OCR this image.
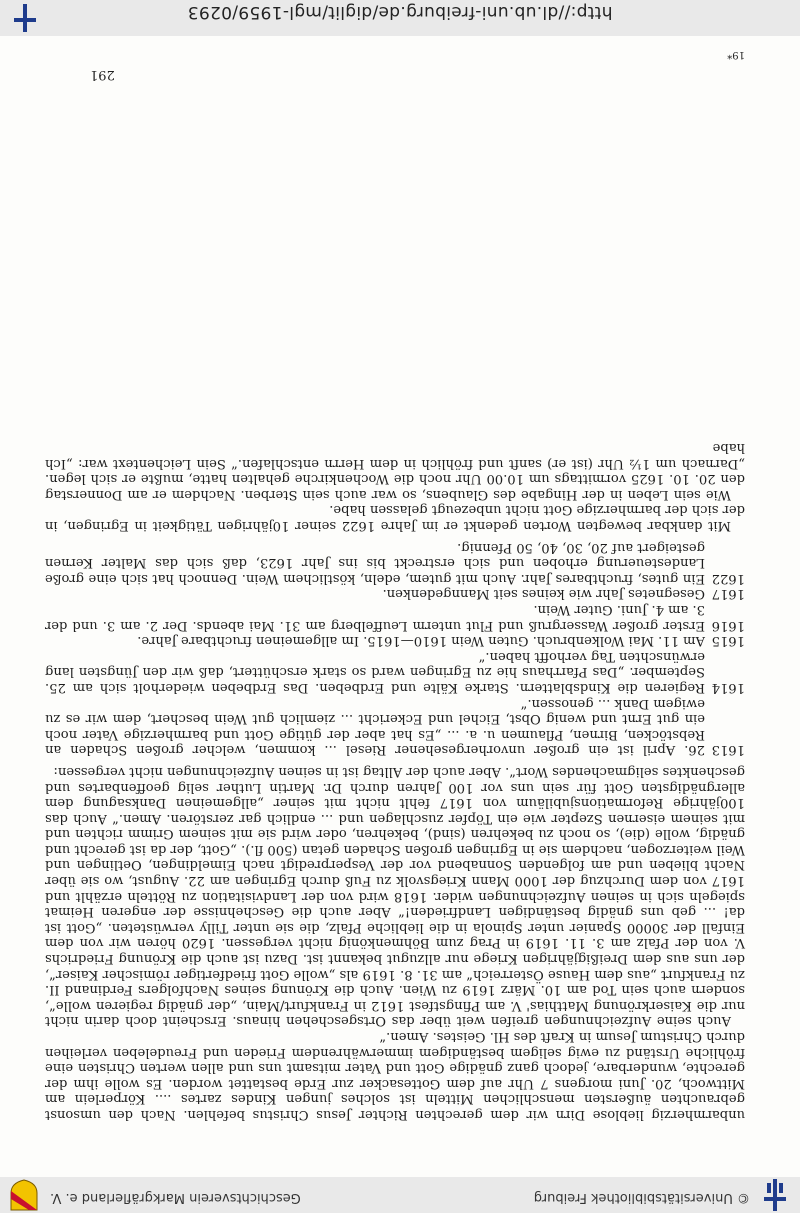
© Universitätsbibliothek Freiburg
Geschichtsverein Markgräflerland e. V.
291

unbarmherzig lieblose Dirn wir dem gerechten Richter Jesus Christus befehlen. Nach den umsonst gebrauchten äußersten menschlichen Mitteln ist solches jungen Kindes zartes .... Körperlein am Mittwoch, 20. Juni morgens 7 Uhr auf dem Gottesacker zur Erde bestattet worden. Es wolle ihm der gerechte, wunderbare, jedoch ganz gnädige Gott und Vater mitsamt uns und allen werten Christen eine fröhliche Urständ zu ewig seligem beständigem immerwährendem Frieden und Freudeleben verleihen durch Christum Jesum in Kraft des Hl. Geistes. Amen.“

Auch seine Aufzeichnungen greifen weit über das Ortsgeschehen hinaus. Erscheint doch darin nicht nur die Kaiserkrönung Matthias' V. am Pfingstfest 1612 in Frankfurt/Main, „der gnädig regieren wolle“, sondern auch sein Tod am 10. März 1619 zu Wien. Auch die Krönung seines Nachfolgers Ferdinand II. zu Frankfurt „aus dem Hause Österreich“ am 31. 8. 1619 als „wolle Gott friedfertiger römischer Kaiser“, der uns aus dem Dreißigjährigen Kriege nur allzugut bekannt ist. Dazu ist auch die Krönung Friedrichs V. von der Pfalz am 3. 11. 1619 in Prag zum Böhmenkönig nicht vergessen. 1620 hören wir von dem Einfall der 30000 Spanier unter Spinola in die liebliche Pfalz, die sie unter Tilly verwüsteten. „Gott ist da! ... geb uns gnädig beständigen Landfrieden!“ Aber auch die Geschehnisse der engeren Heimat spiegeln sich in seinen Aufzeichnungen wider. 1618 wird von der Landvisitation zu Rötteln erzählt und 1617 von dem Durchzug der 1000 Mann Kriegsvolk zu Fuß durch Egringen am 22. August, wo sie über Nacht blieben und am folgenden Sonnabend vor der Vesperpredigt nach Eimeldingen, Oetlingen und Weil weiterzogen, nachdem sie in Egringen großen Schaden getan (500 fl.). „Gott, der da ist gerecht und gnädig, wolle (die), so noch zu bekehren (sind), bekehren, oder wird sie mit seinem Grimm richten und mit seinem eisernen Szepter wie ein Töpfer zuschlagen und ... endlich gar zerstören. Amen.“ Auch das 100jährige Reformationsjubiläum von 1617 fehlt nicht mit seiner „allgemeinen Danksagung dem allergnädigsten Gott für sein uns vor 100 Jahren durch Dr. Martin Luther selig geoffenbartes und geschenktes seligmachendes Wort“. Aber auch der Alltag ist in seinen Aufzeichnungen nicht vergessen:

1613
26. April ist ein großer unvorhergesehener Riesel ... kommen, welcher großen Schaden an Rebstöcken, Birnen, Pflaumen u. a. ... „Es hat aber der gütige Gott und barmherzige Vater noch ein gut Ernt und wenig Obst, Eichel und Eckericht ... ziemlich gut Wein beschert, dem wir es zu ewigem Dank ... genossen.“
1614
Regieren die Kindsblattern. Starke Kälte und Erdbeben. Das Erdbeben wiederholt sich am 25. September. „Das Pfarrhaus hie zu Egringen ward so stark erschüttert, daß wir den Jüngsten lang erwünschten Tag verhofft haben.“
1615
Am 11. Mai Wolkenbruch. Guten Wein 1610—1615. Im allgemeinen fruchtbare Jahre.
1616
Erster großer Wassergruß und Flut unterm Leuffelberg am 31. Mai abends. Der 2. am 3. und der 3. am 4. Juni. Guter Wein.
1617
Gesegnetes Jahr wie keines seit Manngedenken.
1622
Ein gutes, fruchtbares Jahr. Auch mit gutem, edeln, köstlichem Wein. Dennoch hat sich eine große Landesteuerung erhoben und sich erstreckt bis ins Jahr 1623, daß sich das Malter Kernen gesteigert auf 20, 30, 40, 50 Pfennig.

Mit dankbar bewegten Worten gedenkt er im Jahre 1622 seiner 10jährigen Tätigkeit in Egringen, in der sich der barmherzige Gott nicht unbezeugt gelassen habe.

Wie sein Leben in der Hingabe des Glaubens, so war auch sein Sterben. Nachdem er am Donnerstag den 20. 10. 1625 vormittags um 10.00 Uhr noch die Wochenkirche gehalten hatte, mußte er sich legen. „Darnach um 1½ Uhr (ist er) sanft und fröhlich in dem Herrn entschlafen.“ Sein Leichentext war: „Ich habe

19*
http://dl.ub.uni-freiburg.de/diglit/mgl-1959/0293
